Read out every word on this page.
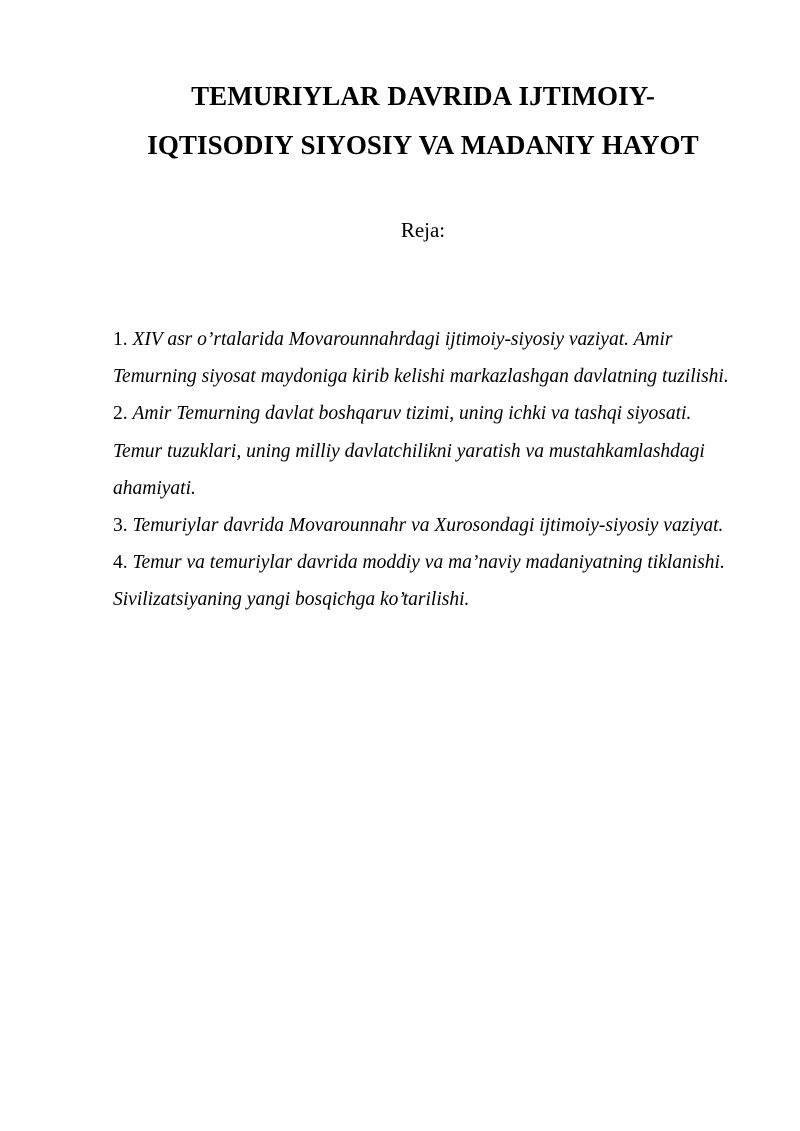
TEMURIYLAR DAVRIDA IJTIMOIY-
IQTISODIY SIYOSIY VA MADANIY HAYOT

Reja:

1. XIV asr o’rtalarida Movarounnahrdagi ijtimoiy-siyosiy vaziyat. Amir Temurning siyosat maydoniga kirib kelishi markazlashgan davlatning tuzilishi.
2. Amir Temurning davlat boshqaruv tizimi, uning ichki va tashqi siyosati. Temur tuzuklari, uning milliy davlatchilikni yaratish va mustahkamlashdagi ahamiyati.
3. Temuriylar davrida Movarounnahr va Xurosondagi ijtimoiy-siyosiy vaziyat.
4. Temur va temuriylar davrida moddiy va ma’naviy madaniyatning tiklanishi. Sivilizatsiyaning yangi bosqichga ko’tarilishi.
